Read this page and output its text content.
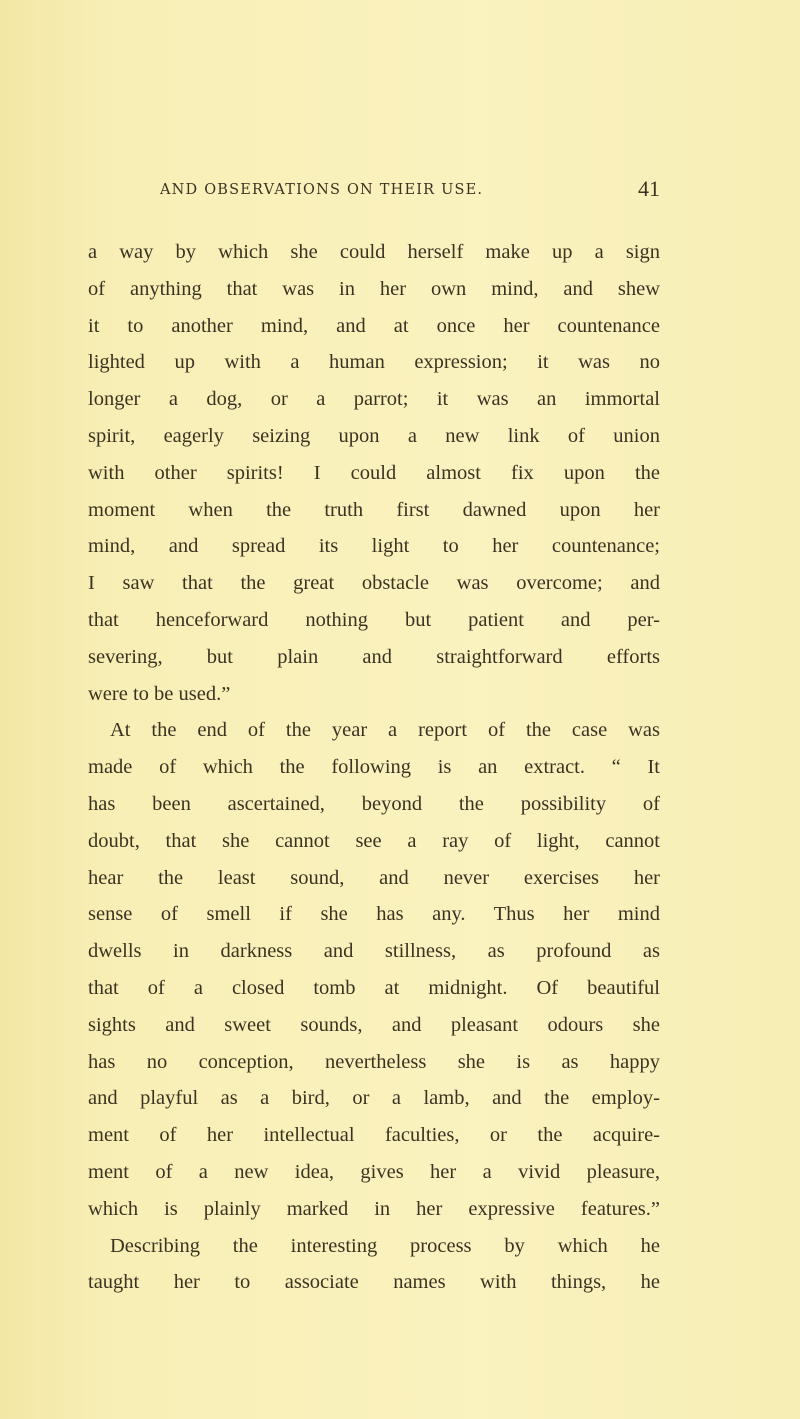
AND OBSERVATIONS ON THEIR USE.	41
a way by which she could herself make up a sign
of anything that was in her own mind, and shew
it to another mind, and at once her countenance
lighted up with a human expression; it was no
longer a dog, or a parrot; it was an immortal
spirit, eagerly seizing upon a new link of union
with other spirits! I could almost fix upon the
moment when the truth first dawned upon her
mind, and spread its light to her countenance;
I saw that the great obstacle was overcome; and
that henceforward nothing but patient and per-
severing, but plain and straightforward efforts
were to be used.”
At the end of the year a report of the case was
made of which the following is an extract. “ It
has been ascertained, beyond the possibility of
doubt, that she cannot see a ray of light, cannot
hear the least sound, and never exercises her
sense of smell if she has any. Thus her mind
dwells in darkness and stillness, as profound as
that of a closed tomb at midnight. Of beautiful
sights and sweet sounds, and pleasant odours she
has no conception, nevertheless she is as happy
and playful as a bird, or a lamb, and the employ-
ment of her intellectual faculties, or the acquire-
ment of a new idea, gives her a vivid pleasure,
which is plainly marked in her expressive features.”
Describing the interesting process by which he
taught her to associate names with things, he
